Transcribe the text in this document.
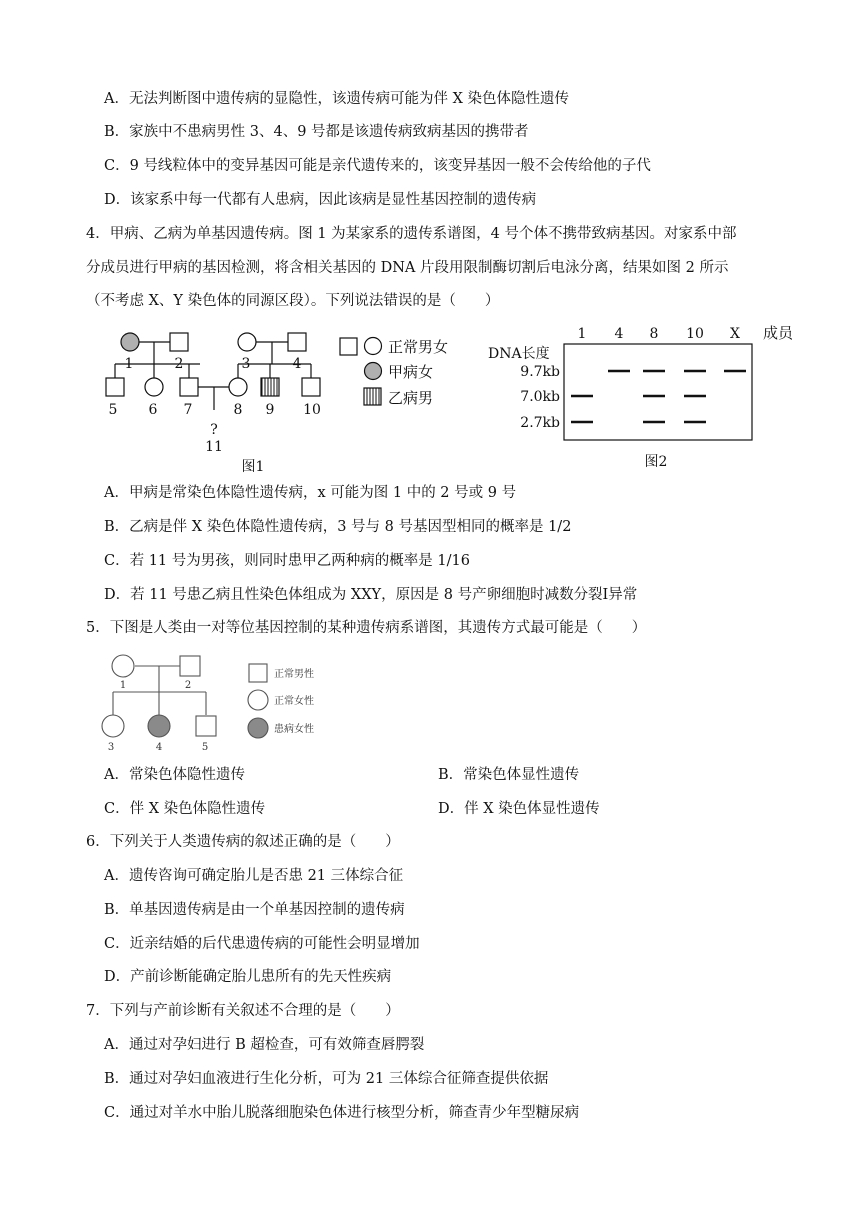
A．无法判断图中遗传病的显隐性，该遗传病可能为伴 X 染色体隐性遗传
B．家族中不患病男性 3、4、9 号都是该遗传病致病基因的携带者
C．9 号线粒体中的变异基因可能是亲代遗传来的，该变异基因一般不会传给他的子代
D．该家系中每一代都有人患病，因此该病是显性基因控制的遗传病
4．甲病、乙病为单基因遗传病。图 1 为某家系的遗传系谱图，4 号个体不携带致病基因。对家系中部
分成员进行甲病的基因检测，将含相关基因的 DNA 片段用限制酶切割后电泳分离，结果如图 2 所示
（不考虑 X、Y 染色体的同源区段）。下列说法错误的是（　　）
1	2	3	4
5 6 7	8 9 10
?
11
图1
正常男女
甲病女
乙病男
1 4 8 10 X 成员
DNA长度
9.7kb
7.0kb
2.7kb
图2
A．甲病是常染色体隐性遗传病，x 可能为图 1 中的 2 号或 9 号
B．乙病是伴 X 染色体隐性遗传病，3 号与 8 号基因型相同的概率是 1/2
C．若 11 号为男孩，则同时患甲乙两种病的概率是 1/16
D．若 11 号患乙病且性染色体组成为 XXY，原因是 8 号产卵细胞时减数分裂Ⅰ异常
5．下图是人类由一对等位基因控制的某种遗传病系谱图，其遗传方式最可能是（　　）
1	2
3	4	5
正常男性
正常女性
患病女性
A．常染色体隐性遗传	B．常染色体显性遗传
C．伴 X 染色体隐性遗传	D．伴 X 染色体显性遗传
6．下列关于人类遗传病的叙述正确的是（　　）
A．遗传咨询可确定胎儿是否患 21 三体综合征
B．单基因遗传病是由一个单基因控制的遗传病
C．近亲结婚的后代患遗传病的可能性会明显增加
D．产前诊断能确定胎儿患所有的先天性疾病
7．下列与产前诊断有关叙述不合理的是（　　）
A．通过对孕妇进行 B 超检查，可有效筛查唇腭裂
B．通过对孕妇血液进行生化分析，可为 21 三体综合征筛查提供依据
C．通过对羊水中胎儿脱落细胞染色体进行核型分析，筛查青少年型糖尿病
